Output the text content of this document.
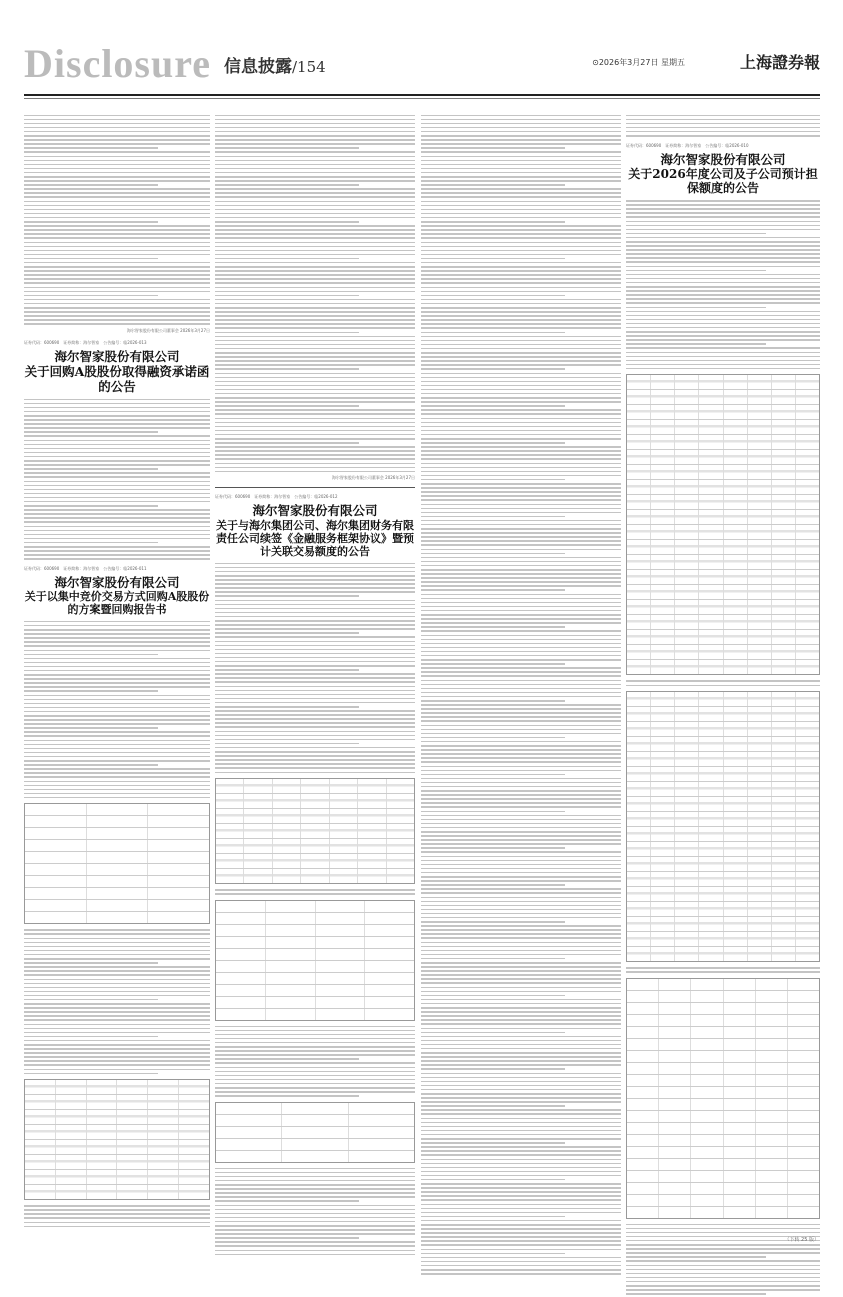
Disclosure 信息披露/154	⊙2026年3月27日 星期五	上海證券報
海尔智家股份有限公司董事会 2026年3月27日
证券代码：600690　证券简称：海尔智家　公告编号：临2026-013
海尔智家股份有限公司
关于回购A股股份取得融资承诺函的公告
证券代码：600690　证券简称：海尔智家　公告编号：临2026-011
海尔智家股份有限公司
关于以集中竞价交易方式回购A股股份的方案暨回购报告书
海尔智家股份有限公司董事会 2026年3月27日
证券代码：600690　证券简称：海尔智家　公告编号：临2026-012
海尔智家股份有限公司
关于与海尔集团公司、海尔集团财务有限责任公司续签《金融服务框架协议》暨预计关联交易额度的公告
证券代码：600690　证券简称：海尔智家　公告编号：临2026-010
海尔智家股份有限公司
关于2026年度公司及子公司预计担保额度的公告
（下转 25 版）
